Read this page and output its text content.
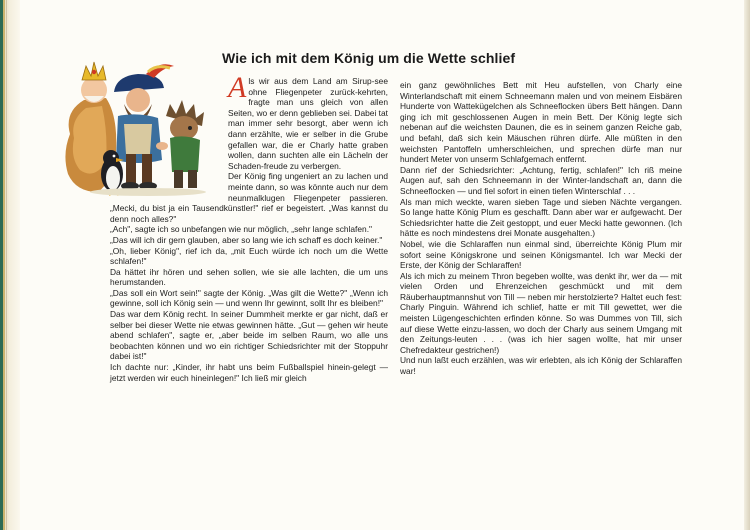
Wie ich mit dem König um die Wette schlief

Als wir aus dem Land am Sirup-see ohne Fliegenpeter zurück-kehrten, fragte man uns gleich von allen Seiten, wo er denn geblieben sei. Dabei tat man immer sehr besorgt, aber wenn ich dann erzählte, wie er selber in die Grube gefallen war, die er Charly hatte graben wollen, dann suchten alle ein Lächeln der Schaden-freude zu verbergen.

Der König fing ungeniert an zu lachen und meinte dann, so was könnte auch nur dem neunmalklugen Fliegenpeter passieren. „Mecki, du bist ja ein Tausendkünstler!" rief er begeistert. „Was kannst du denn noch alles?"

„Ach", sagte ich so unbefangen wie nur möglich, „sehr lange schlafen."

„Das will ich dir gern glauben, aber so lang wie ich schaff es doch keiner."

„Oh, lieber König", rief ich da, „mit Euch würde ich noch um die Wette schlafen!"

Da hättet ihr hören und sehen sollen, wie sie alle lachten, die um uns herumstanden.

„Das soll ein Wort sein!" sagte der König. „Was gilt die Wette?" „Wenn ich gewinne, soll ich König sein — und wenn Ihr gewinnt, sollt Ihr es bleiben!"

Das war dem König recht. In seiner Dummheit merkte er gar nicht, daß er selber bei dieser Wette nie etwas gewinnen hätte. „Gut — gehen wir heute abend schlafen", sagte er, „aber beide im selben Raum, wo alle uns beobachten können und wo ein richtiger Schiedsrichter mit der Stoppuhr dabei ist!"

Ich dachte nur: „Kinder, ihr habt uns beim Fußballspiel hinein-gelegt — jetzt werden wir euch hineinlegen!" Ich ließ mir gleich

ein ganz gewöhnliches Bett mit Heu aufstellen, von Charly eine Winterlandschaft mit einem Schneemann malen und von meinem Eisbären Hunderte von Wattekügelchen als Schneeflocken übers Bett hängen. Dann ging ich mit geschlossenen Augen in mein Bett. Der König legte sich nebenan auf die weichsten Daunen, die es in seinem ganzen Reiche gab, und befahl, daß sich kein Mäuschen rühren dürfe. Alle müßten in den weichsten Pantoffeln umherschleichen, und sprechen dürfe man nur hundert Meter von unserm Schlafgemach entfernt.

Dann rief der Schiedsrichter: „Achtung, fertig, schlafen!" Ich riß meine Augen auf, sah den Schneemann in der Winter-landschaft an, dann die Schneeflocken — und fiel sofort in einen tiefen Winterschlaf . . .

Als man mich weckte, waren sieben Tage und sieben Nächte vergangen. So lange hatte König Plum es geschafft. Dann aber war er aufgewacht. Der Schiedsrichter hatte die Zeit gestoppt, und euer Mecki hatte gewonnen. (Ich hätte es noch mindestens drei Monate ausgehalten.)

Nobel, wie die Schlaraffen nun einmal sind, überreichte König Plum mir sofort seine Königskrone und seinen Königsmantel. Ich war Mecki der Erste, der König der Schlaraffen!

Als ich mich zu meinem Thron begeben wollte, was denkt ihr, wer da — mit vielen Orden und Ehrenzeichen geschmückt und mit dem Räuberhauptmannshut von Till — neben mir herstolzierte? Haltet euch fest: Charly Pinguin. Während ich schlief, hatte er mit Till gewettet, wer die meisten Lügengeschichten erfinden könne. So was Dummes von Till, sich auf diese Wette einzu-lassen, wo doch der Charly aus seinem Umgang mit den Zeitungs-leuten . . . (was ich hier sagen wollte, hat mir unser Chefredakteur gestrichen!)

Und nun laßt euch erzählen, was wir erlebten, als ich König der Schlaraffen war!
